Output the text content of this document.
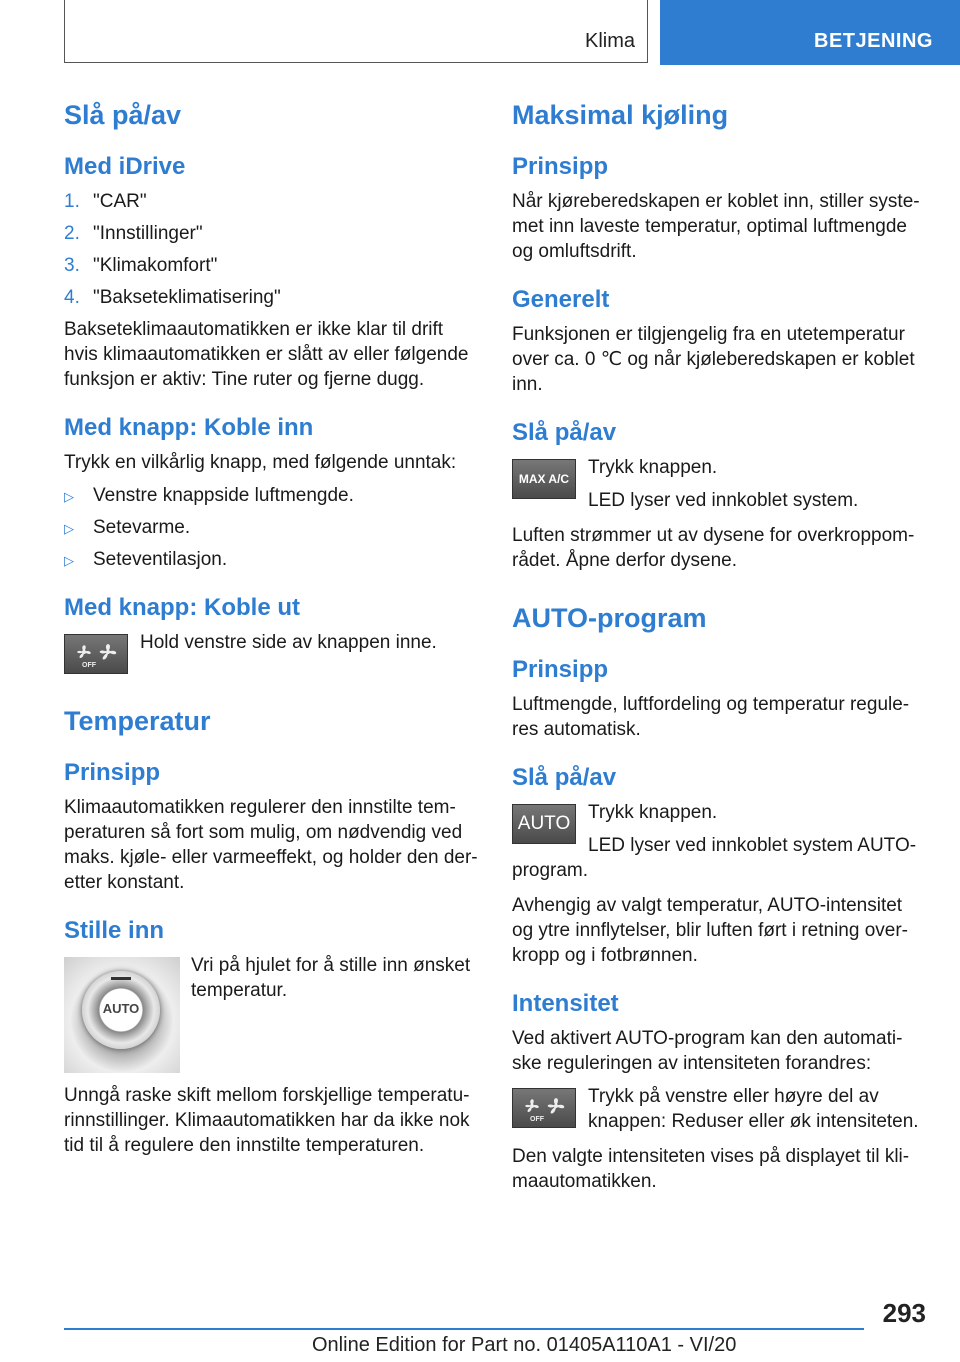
Klima	BETJENING
Slå på/av
Med iDrive
1. "CAR"
2. "Innstillinger"
3. "Klimakomfort"
4. "Bakseteklimatisering"

Bakseteklimaautomatikken er ikke klar til drift hvis klimaautomatikken er slått av eller følgende funksjon er aktiv: Tine ruter og fjerne dugg.

Med knapp: Koble inn

Trykk en vilkårlig knapp, med følgende unntak:

▷ Venstre knappside luftmengde.
▷ Setevarme.
▷ Seteventilasjon.
Med knapp: Koble ut
OFF

Hold venstre side av knappen inne.

Temperatur
Prinsipp

Klimaautomatikken regulerer den innstilte tem-peraturen så fort som mulig, om nødvendig ved maks. kjøle- eller varmeeffekt, og holder den der-etter konstant.

Stille inn
AUTO

Vri på hjulet for å stille inn ønsket temperatur.

Unngå raske skift mellom forskjellige temperatu-rinnstillinger. Klimaautomatikken har da ikke nok tid til å regulere den innstilte temperaturen.

Maksimal kjøling
Prinsipp

Når kjøreberedskapen er koblet inn, stiller syste-met inn laveste temperatur, optimal luftmengde og omluftsdrift.

Generelt

Funksjonen er tilgjengelig fra en utetemperatur over ca. 0 ℃ og når kjøleberedskapen er koblet inn.

Slå på/av
MAX A/C

Trykk knappen.

LED lyser ved innkoblet system.

Luften strømmer ut av dysene for overkroppom-rådet. Åpne derfor dysene.

AUTO-program
Prinsipp

Luftmengde, luftfordeling og temperatur regule-res automatisk.

Slå på/av
AUTO

Trykk knappen.

LED lyser ved innkoblet system AUTO-program.

Avhengig av valgt temperatur, AUTO-intensitet og ytre innflytelser, blir luften ført i retning over-kropp og i fotbrønnen.

Intensitet

Ved aktivert AUTO-program kan den automati-ske reguleringen av intensiteten forandres:

OFF

Trykk på venstre eller høyre del av knappen: Reduser eller øk intensiteten.

Den valgte intensiteten vises på displayet til kli-maautomatikken.

293
Online Edition for Part no. 01405A110A1 - VI/20
